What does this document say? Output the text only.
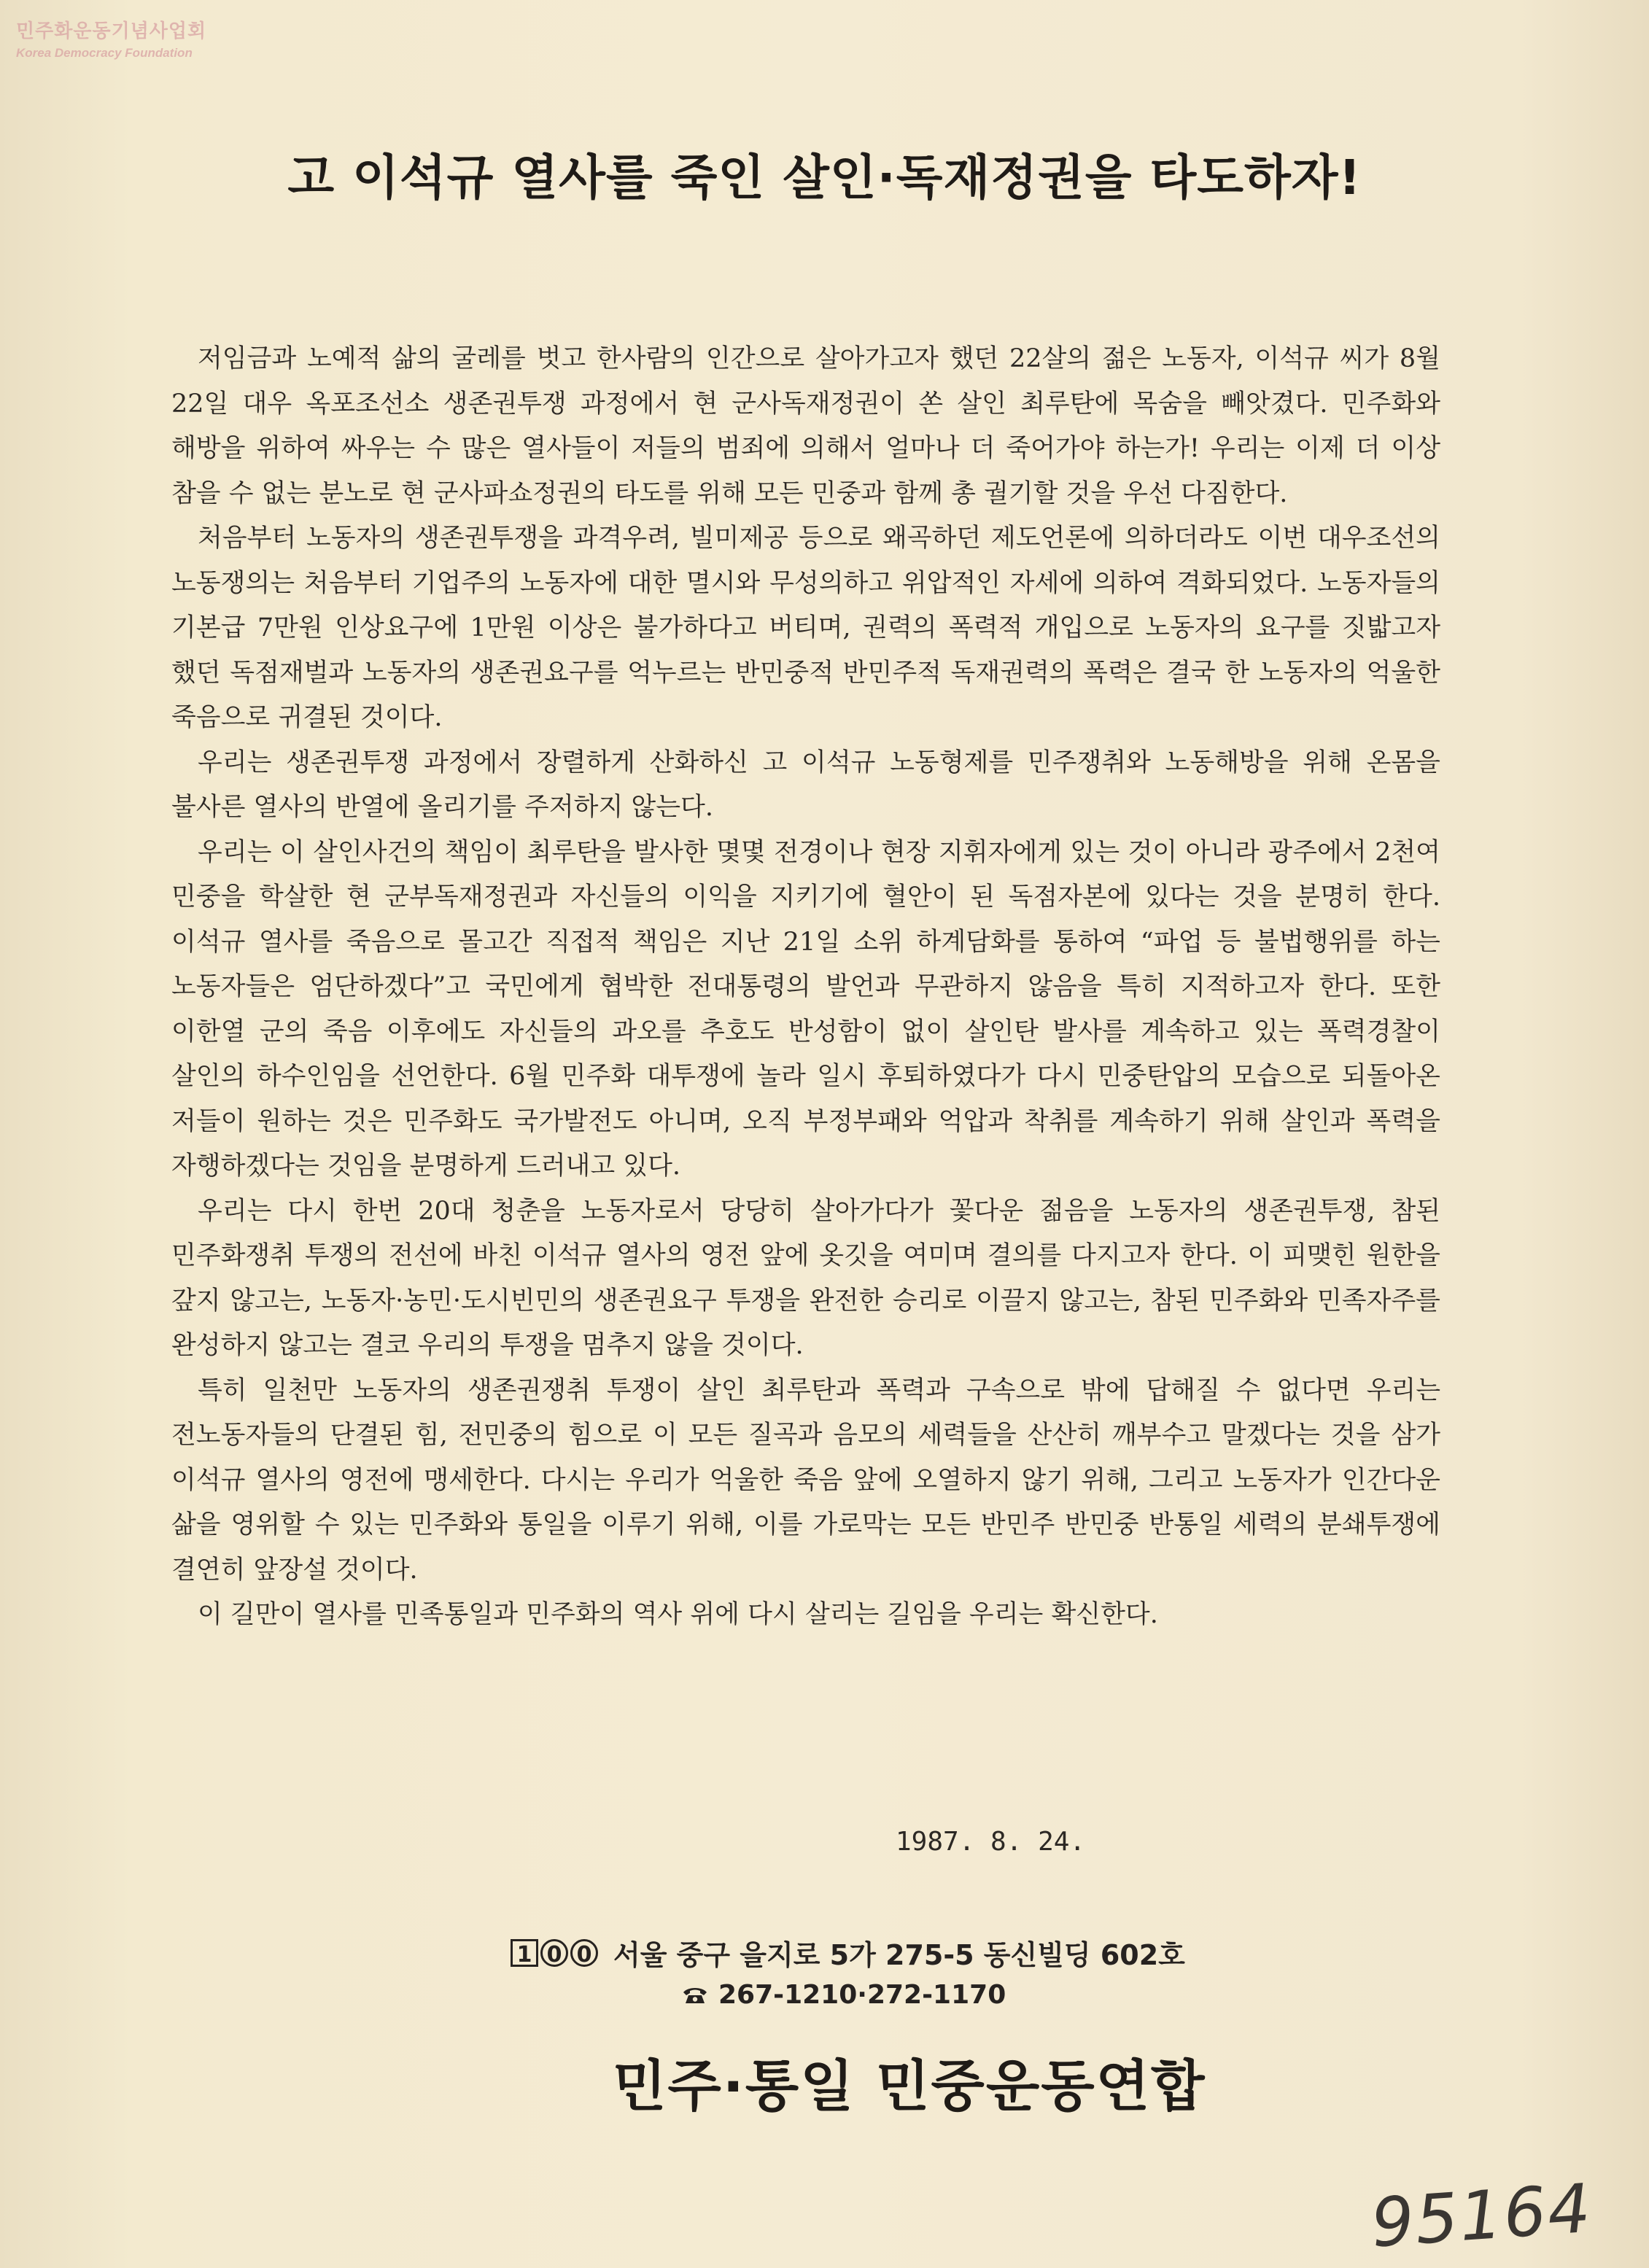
민주화운동기념사업회
Korea Democracy Foundation
고 이석규 열사를 죽인 살인·독재정권을 타도하자!

저임금과 노예적 삶의 굴레를 벗고 한사람의 인간으로 살아가고자 했던 22살의 젊은 노동자, 이석규 씨가 8월 22일 대우 옥포조선소 생존권투쟁 과정에서 현 군사독재정권이 쏜 살인 최루탄에 목숨을 빼앗겼다. 민주화와 해방을 위하여 싸우는 수 많은 열사들이 저들의 범죄에 의해서 얼마나 더 죽어가야 하는가! 우리는 이제 더 이상 참을 수 없는 분노로 현 군사파쇼정권의 타도를 위해 모든 민중과 함께 총 궐기할 것을 우선 다짐한다.

처음부터 노동자의 생존권투쟁을 과격우려, 빌미제공 등으로 왜곡하던 제도언론에 의하더라도 이번 대우조선의 노동쟁의는 처음부터 기업주의 노동자에 대한 멸시와 무성의하고 위압적인 자세에 의하여 격화되었다. 노동자들의 기본급 7만원 인상요구에 1만원 이상은 불가하다고 버티며, 권력의 폭력적 개입으로 노동자의 요구를 짓밟고자 했던 독점재벌과 노동자의 생존권요구를 억누르는 반민중적 반민주적 독재권력의 폭력은 결국 한 노동자의 억울한 죽음으로 귀결된 것이다.

우리는 생존권투쟁 과정에서 장렬하게 산화하신 고 이석규 노동형제를 민주쟁취와 노동해방을 위해 온몸을 불사른 열사의 반열에 올리기를 주저하지 않는다.

우리는 이 살인사건의 책임이 최루탄을 발사한 몇몇 전경이나 현장 지휘자에게 있는 것이 아니라 광주에서 2천여 민중을 학살한 현 군부독재정권과 자신들의 이익을 지키기에 혈안이 된 독점자본에 있다는 것을 분명히 한다. 이석규 열사를 죽음으로 몰고간 직접적 책임은 지난 21일 소위 하계담화를 통하여 “파업 등 불법행위를 하는 노동자들은 엄단하겠다”고 국민에게 협박한 전대통령의 발언과 무관하지 않음을 특히 지적하고자 한다. 또한 이한열 군의 죽음 이후에도 자신들의 과오를 추호도 반성함이 없이 살인탄 발사를 계속하고 있는 폭력경찰이 살인의 하수인임을 선언한다. 6월 민주화 대투쟁에 놀라 일시 후퇴하였다가 다시 민중탄압의 모습으로 되돌아온 저들이 원하는 것은 민주화도 국가발전도 아니며, 오직 부정부패와 억압과 착취를 계속하기 위해 살인과 폭력을 자행하겠다는 것임을 분명하게 드러내고 있다.

우리는 다시 한번 20대 청춘을 노동자로서 당당히 살아가다가 꽃다운 젊음을 노동자의 생존권투쟁, 참된 민주화쟁취 투쟁의 전선에 바친 이석규 열사의 영전 앞에 옷깃을 여미며 결의를 다지고자 한다. 이 피맺힌 원한을 갚지 않고는, 노동자·농민·도시빈민의 생존권요구 투쟁을 완전한 승리로 이끌지 않고는, 참된 민주화와 민족자주를 완성하지 않고는 결코 우리의 투쟁을 멈추지 않을 것이다.

특히 일천만 노동자의 생존권쟁취 투쟁이 살인 최루탄과 폭력과 구속으로 밖에 답해질 수 없다면 우리는 전노동자들의 단결된 힘, 전민중의 힘으로 이 모든 질곡과 음모의 세력들을 산산히 깨부수고 말겠다는 것을 삼가 이석규 열사의 영전에 맹세한다. 다시는 우리가 억울한 죽음 앞에 오열하지 않기 위해, 그리고 노동자가 인간다운 삶을 영위할 수 있는 민주화와 통일을 이루기 위해, 이를 가로막는 모든 반민주 반민중 반통일 세력의 분쇄투쟁에 결연히 앞장설 것이다.

이 길만이 열사를 민족통일과 민주화의 역사 위에 다시 살리는 길임을 우리는 확신한다.

1987. 8. 24.
1 0 0 서울 중구 을지로 5가 275-5 동신빌딩 602호
267-1210·272-1170
민주·통일 민중운동연합
95164
